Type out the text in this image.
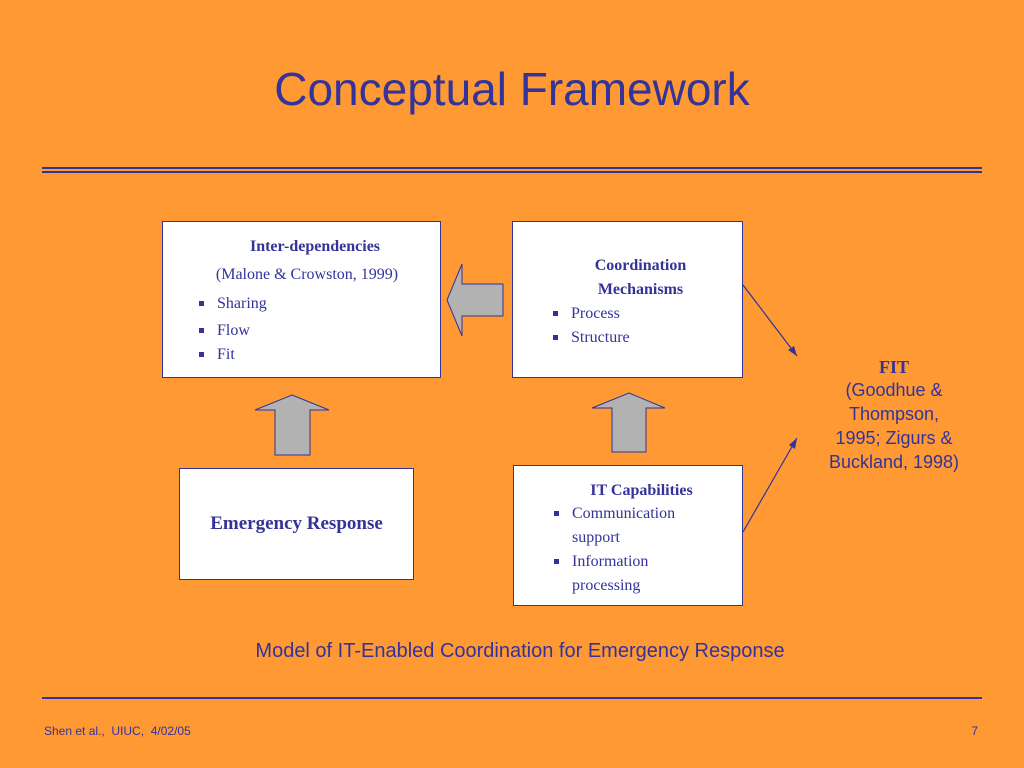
Conceptual Framework
Inter-dependencies
(Malone & Crowston, 1999)
Sharing
Flow
Fit
Coordination
Mechanisms
Process
Structure
Emergency Response
IT Capabilities
Communication
support
Information
processing
FIT
(Goodhue &
Thompson,
1995; Zigurs &
Buckland, 1998)
Model of IT-Enabled Coordination for Emergency Response
Shen et al.,  UIUC,  4/02/05	7
